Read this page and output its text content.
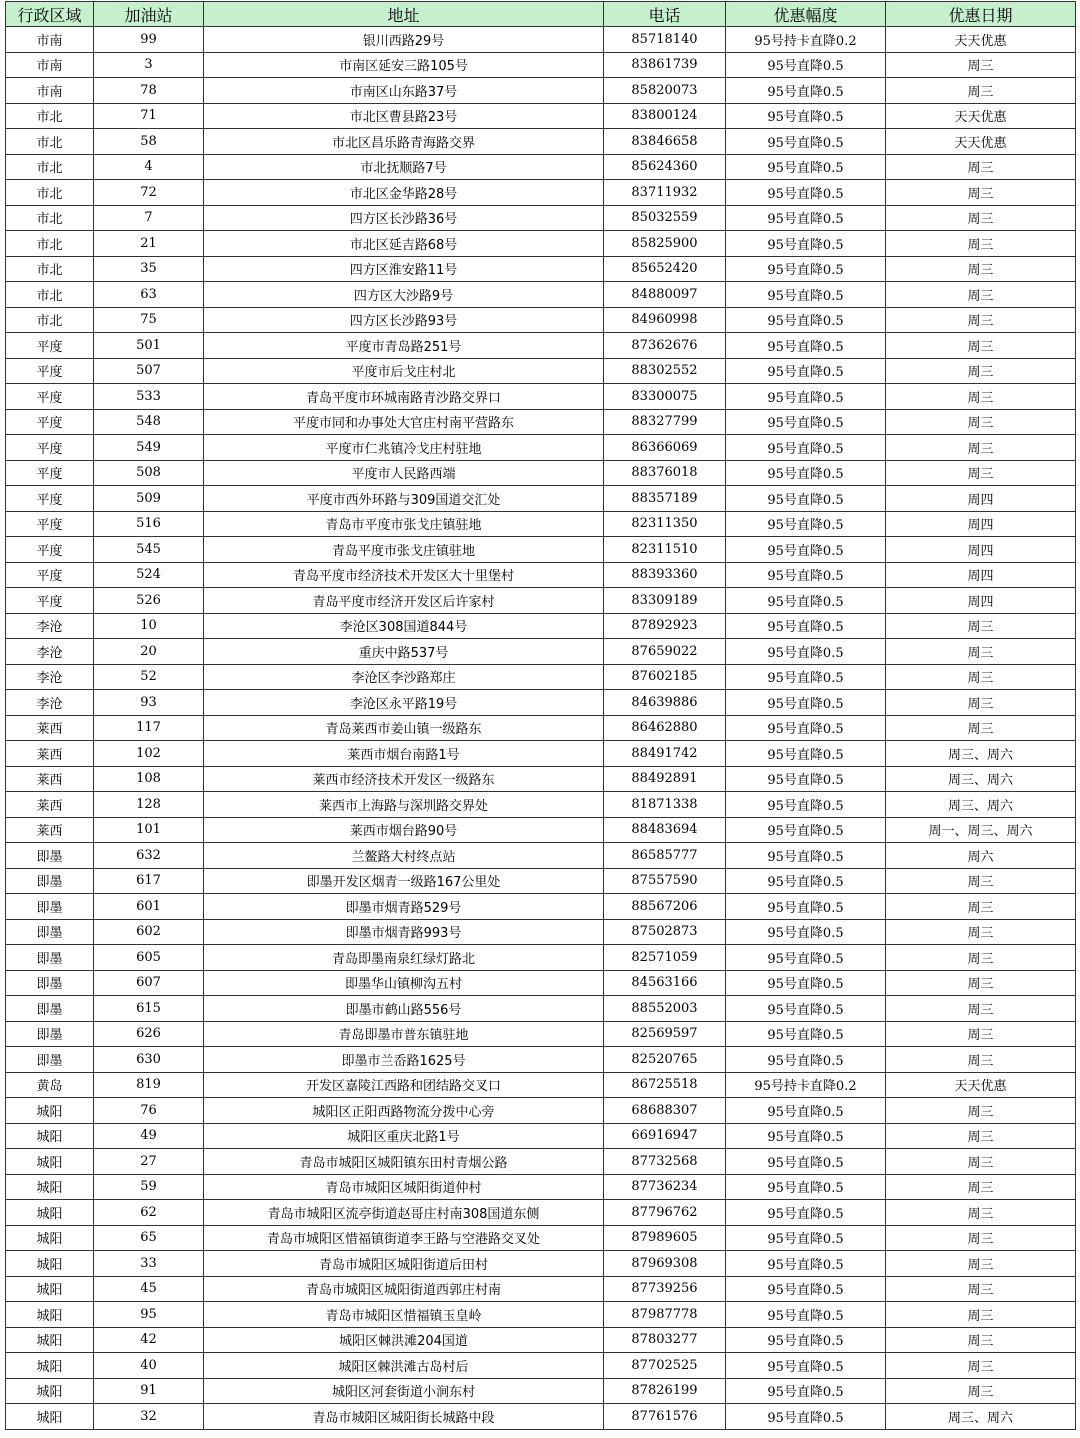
行政区域	加油站	地址	电话	优惠幅度	优惠日期
市南	99	银川西路29号	85718140	95号持卡直降0.2	天天优惠
市南	3	市南区延安三路105号	83861739	95号直降0.5	周三
市南	78	市南区山东路37号	85820073	95号直降0.5	周三
市北	71	市北区曹县路23号	83800124	95号直降0.5	天天优惠
市北	58	市北区昌乐路青海路交界	83846658	95号直降0.5	天天优惠
市北	4	市北抚顺路7号	85624360	95号直降0.5	周三
市北	72	市北区金华路28号	83711932	95号直降0.5	周三
市北	7	四方区长沙路36号	85032559	95号直降0.5	周三
市北	21	市北区延吉路68号	85825900	95号直降0.5	周三
市北	35	四方区淮安路11号	85652420	95号直降0.5	周三
市北	63	四方区大沙路9号	84880097	95号直降0.5	周三
市北	75	四方区长沙路93号	84960998	95号直降0.5	周三
平度	501	平度市青岛路251号	87362676	95号直降0.5	周三
平度	507	平度市后戈庄村北	88302552	95号直降0.5	周三
平度	533	青岛平度市环城南路青沙路交界口	83300075	95号直降0.5	周三
平度	548	平度市同和办事处大官庄村南平营路东	88327799	95号直降0.5	周三
平度	549	平度市仁兆镇冷戈庄村驻地	86366069	95号直降0.5	周三
平度	508	平度市人民路西端	88376018	95号直降0.5	周三
平度	509	平度市西外环路与309国道交汇处	88357189	95号直降0.5	周四
平度	516	青岛市平度市张戈庄镇驻地	82311350	95号直降0.5	周四
平度	545	青岛平度市张戈庄镇驻地	82311510	95号直降0.5	周四
平度	524	青岛平度市经济技术开发区大十里堡村	88393360	95号直降0.5	周四
平度	526	青岛平度市经济开发区后许家村	83309189	95号直降0.5	周四
李沧	10	李沧区308国道844号	87892923	95号直降0.5	周三
李沧	20	重庆中路537号	87659022	95号直降0.5	周三
李沧	52	李沧区李沙路郑庄	87602185	95号直降0.5	周三
李沧	93	李沧区永平路19号	84639886	95号直降0.5	周三
莱西	117	青岛莱西市姜山镇一级路东	86462880	95号直降0.5	周三
莱西	102	莱西市烟台南路1号	88491742	95号直降0.5	周三、周六
莱西	108	莱西市经济技术开发区一级路东	88492891	95号直降0.5	周三、周六
莱西	128	莱西市上海路与深圳路交界处	81871338	95号直降0.5	周三、周六
莱西	101	莱西市烟台路90号	88483694	95号直降0.5	周一、周三、周六
即墨	632	兰鳌路大村终点站	86585777	95号直降0.5	周六
即墨	617	即墨开发区烟青一级路167公里处	87557590	95号直降0.5	周三
即墨	601	即墨市烟青路529号	88567206	95号直降0.5	周三
即墨	602	即墨市烟青路993号	87502873	95号直降0.5	周三
即墨	605	青岛即墨南泉红绿灯路北	82571059	95号直降0.5	周三
即墨	607	即墨华山镇柳沟五村	84563166	95号直降0.5	周三
即墨	615	即墨市鹤山路556号	88552003	95号直降0.5	周三
即墨	626	青岛即墨市普东镇驻地	82569597	95号直降0.5	周三
即墨	630	即墨市兰岙路1625号	82520765	95号直降0.5	周三
黄岛	819	开发区嘉陵江西路和团结路交叉口	86725518	95号持卡直降0.2	天天优惠
城阳	76	城阳区正阳西路物流分拨中心旁	68688307	95号直降0.5	周三
城阳	49	城阳区重庆北路1号	66916947	95号直降0.5	周三
城阳	27	青岛市城阳区城阳镇东田村青烟公路	87732568	95号直降0.5	周三
城阳	59	青岛市城阳区城阳街道仲村	87736234	95号直降0.5	周三
城阳	62	青岛市城阳区流亭街道赵哥庄村南308国道东侧	87796762	95号直降0.5	周三
城阳	65	青岛市城阳区惜福镇街道李王路与空港路交叉处	87989605	95号直降0.5	周三
城阳	33	青岛市城阳区城阳街道后田村	87969308	95号直降0.5	周三
城阳	45	青岛市城阳区城阳街道西郭庄村南	87739256	95号直降0.5	周三
城阳	95	青岛市城阳区惜福镇玉皇岭	87987778	95号直降0.5	周三
城阳	42	城阳区棘洪滩204国道	87803277	95号直降0.5	周三
城阳	40	城阳区棘洪滩古岛村后	87702525	95号直降0.5	周三
城阳	91	城阳区河套街道小涧东村	87826199	95号直降0.5	周三
城阳	32	青岛市城阳区城阳街长城路中段	87761576	95号直降0.5	周三、周六
